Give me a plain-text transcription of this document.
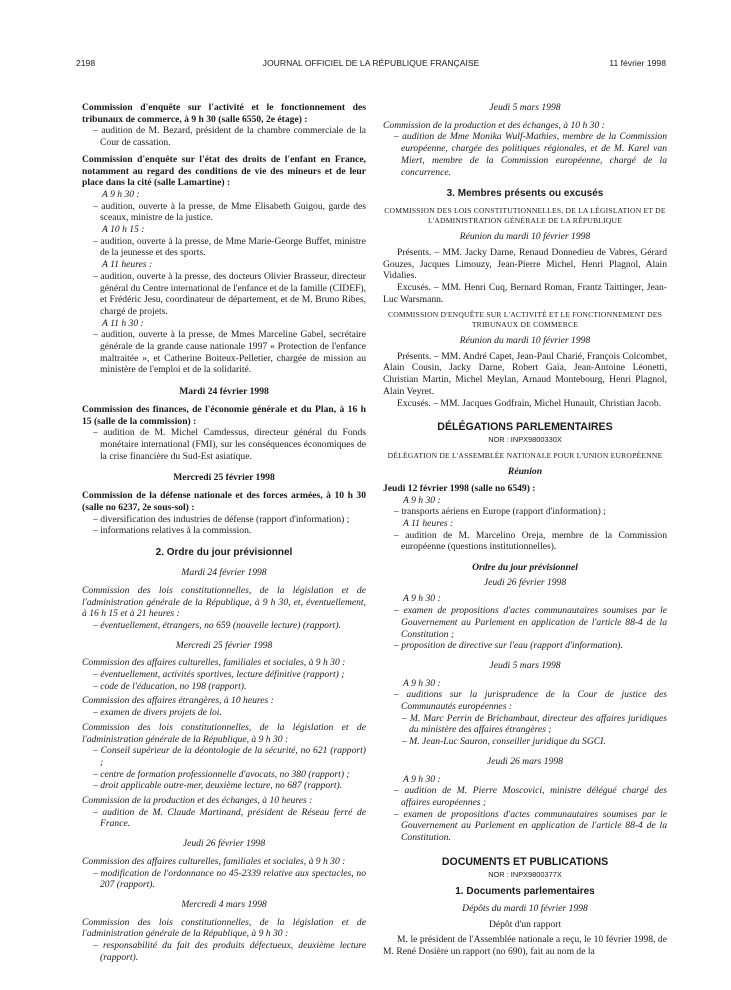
2198	JOURNAL OFFICIEL DE LA RÉPUBLIQUE FRANÇAISE	11 février 1998

Commission d'enquête sur l'activité et le fonctionnement des tribunaux de commerce, à 9 h 30 (salle 6550, 2e étage) :

– audition de M. Bezard, président de la chambre commerciale de la Cour de cassation.

Commission d'enquête sur l'état des droits de l'enfant en France, notamment au regard des conditions de vie des mineurs et de leur place dans la cité (salle Lamartine) :

A 9 h 30 :

– audition, ouverte à la presse, de Mme Elisabeth Guigou, garde des sceaux, ministre de la justice.

A 10 h 15 :

– audition, ouverte à la presse, de Mme Marie-George Buffet, ministre de la jeunesse et des sports.

A 11 heures :

– audition, ouverte à la presse, des docteurs Olivier Brasseur, directeur général du Centre international de l'enfance et de la famille (CIDEF), et Frédéric Jesu, coordinateur de département, et de M. Bruno Ribes, chargé de projets.

A 11 h 30 :

– audition, ouverte à la presse, de Mmes Marceline Gabel, secrétaire générale de la grande cause nationale 1997 « Protection de l'enfance maltraitée », et Catherine Boiteux-Pelletier, chargée de mission au ministère de l'emploi et de la solidarité.

Mardi 24 février 1998

Commission des finances, de l'économie générale et du Plan, à 16 h 15 (salle de la commission) :

– audition de M. Michel Camdessus, directeur général du Fonds monétaire international (FMI), sur les conséquences économiques de la crise financière du Sud-Est asiatique.

Mercredi 25 février 1998

Commission de la défense nationale et des forces armées, à 10 h 30 (salle no 6237, 2e sous-sol) :

– diversification des industries de défense (rapport d'information) ;

– informations relatives à la commission.

2. Ordre du jour prévisionnel

Mardi 24 février 1998

Commission des lois constitutionnelles, de la législation et de l'administration générale de la République, à 9 h 30, et, éventuellement, à 16 h 15 et à 21 heures :

– éventuellement, étrangers, no 659 (nouvelle lecture) (rapport).

Mercredi 25 février 1998

Commission des affaires culturelles, familiales et sociales, à 9 h 30 :

– éventuellement, activités sportives, lecture définitive (rapport) ;

– code de l'éducation, no 198 (rapport).

Commission des affaires étrangères, à 10 heures :

– examen de divers projets de loi.

Commission des lois constitutionnelles, de la législation et de l'administration générale de la République, à 9 h 30 :

– Conseil supérieur de la déontologie de la sécurité, no 621 (rapport) ;

– centre de formation professionnelle d'avocats, no 380 (rapport) ;

– droit applicable outre-mer, deuxième lecture, no 687 (rapport).

Commission de la production et des échanges, à 10 heures :

– audition de M. Claude Martinand, président de Réseau ferré de France.

Jeudi 26 février 1998

Commission des affaires culturelles, familiales et sociales, à 9 h 30 :

– modification de l'ordonnance no 45-2339 relative aux spectacles, no 207 (rapport).

Mercredi 4 mars 1998

Commission des lois constitutionnelles, de la législation et de l'administration générale de la République, à 9 h 30 :

– responsabilité du fait des produits défectueux, deuxième lecture (rapport).

Jeudi 5 mars 1998

Commission de la production et des échanges, à 10 h 30 :

– audition de Mme Monika Wulf-Mathies, membre de la Commission européenne, chargée des politiques régionales, et de M. Karel van Miert, membre de la Commission européenne, chargé de la concurrence.

3. Membres présents ou excusés

COMMISSION DES LOIS CONSTITUTIONNELLES, DE LA LÉGISLATION ET DE L'ADMINISTRATION GÉNÉRALE DE LA RÉPUBLIQUE

Réunion du mardi 10 février 1998

Présents. – MM. Jacky Darne, Renaud Donnedieu de Vabres, Gérard Gouzes, Jacques Limouzy, Jean-Pierre Michel, Henri Plagnol, Alain Vidalies.

Excusés. – MM. Henri Cuq, Bernard Roman, Frantz Taittinger, Jean-Luc Warsmann.

COMMISSION D'ENQUÊTE SUR L'ACTIVITÉ ET LE FONCTIONNEMENT DES TRIBUNAUX DE COMMERCE

Réunion du mardi 10 février 1998

Présents. – MM. André Capet, Jean-Paul Charié, François Colcombet, Alain Cousin, Jacky Darne, Robert Gaïa, Jean-Antoine Léonetti, Christian Martin, Michel Meylan, Arnaud Montebourg, Henri Plagnol, Alain Veyret.

Excusés. – MM. Jacques Godfrain, Michel Hunault, Christian Jacob.

DÉLÉGATIONS PARLEMENTAIRES

NOR : INPX9800330X

DÉLÉGATION DE L'ASSEMBLÉE NATIONALE POUR L'UNION EUROPÉENNE

Réunion

Jeudi 12 février 1998 (salle no 6549) :

A 9 h 30 :

– transports aériens en Europe (rapport d'information) ;

A 11 heures :

– audition de M. Marcelino Oreja, membre de la Commission européenne (questions institutionnelles).

Ordre du jour prévisionnel

Jeudi 26 février 1998

A 9 h 30 :

– examen de propositions d'actes communautaires soumises par le Gouvernement au Parlement en application de l'article 88-4 de la Constitution ;

– proposition de directive sur l'eau (rapport d'information).

Jeudi 5 mars 1998

A 9 h 30 :

– auditions sur la jurisprudence de la Cour de justice des Communautés européennes :

– M. Marc Perrin de Brichambaut, directeur des affaires juridiques du ministère des affaires étrangères ;

– M. Jean-Luc Sauron, conseiller juridique du SGCI.

Jeudi 26 mars 1998

A 9 h 30 :

– audition de M. Pierre Moscovici, ministre délégué chargé des affaires européennes ;

– examen de propositions d'actes communautaires soumises par le Gouvernement au Parlement en application de l'article 88-4 de la Constitution.

DOCUMENTS ET PUBLICATIONS

NOR : INPX9800377X

1. Documents parlementaires

Dépôts du mardi 10 février 1998

Dépôt d'un rapport

M. le président de l'Assemblée nationale a reçu, le 10 février 1998, de M. René Dosière un rapport (no 690), fait au nom de la
